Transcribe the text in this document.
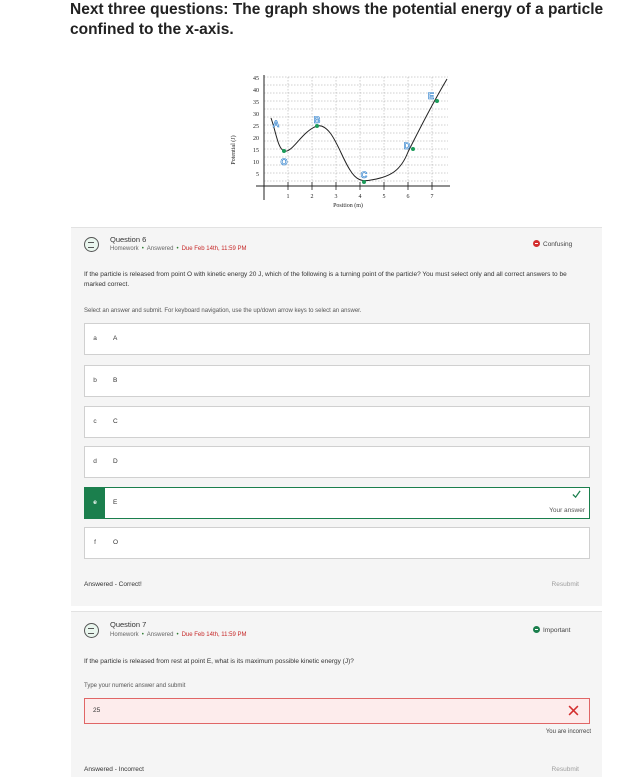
Next three questions: The graph shows the potential energy of a particle confined to the x-axis.
45
40
35
30
25
20
15
10
5
1	2	3	4	5	6	7
Position (m)
Potential (J)
A
O
B
C
D
E
Question 6
Homework • Answered • Due Feb 14th, 11:59 PM
Confusing
If the particle is released from point O with kinetic energy 20 J, which of the following is a turning point of the particle? You must select only and all correct answers to be marked correct.
Select an answer and submit. For keyboard navigation, use the up/down arrow keys to select an answer.
a	A
b	B
c	C
d	D
e	E
Your answer
f	O
Answered - Correct!	Resubmit
Question 7
Homework • Answered • Due Feb 14th, 11:59 PM
Important
If the particle is released from rest at point E, what is its maximum possible kinetic energy (J)?
Type your numeric answer and submit
25
You are incorrect
Answered - Incorrect	Resubmit
